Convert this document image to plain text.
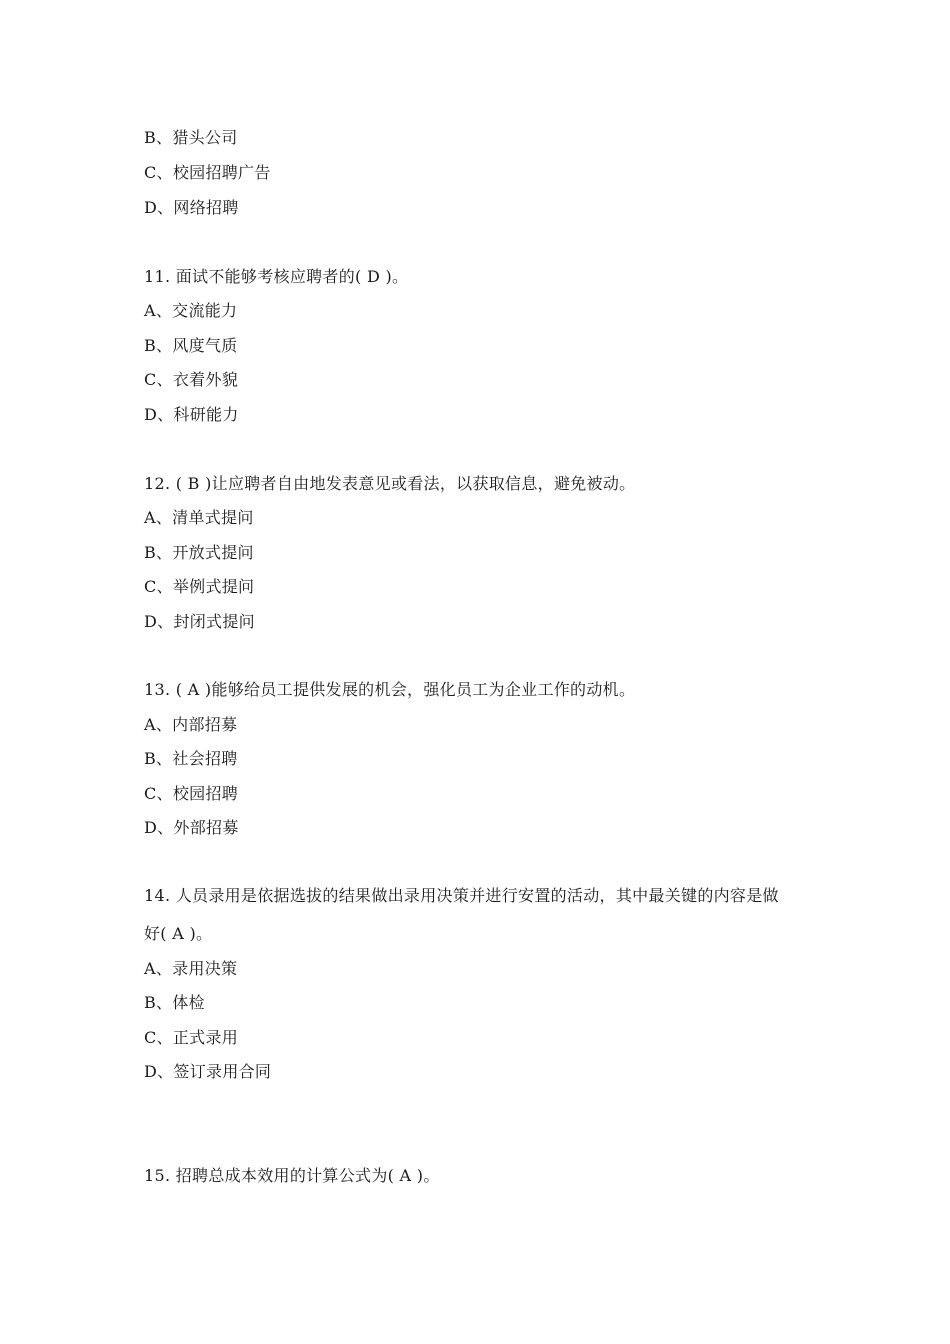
B、猎头公司
C、校园招聘广告
D、网络招聘
11. 面试不能够考核应聘者的( D )。
A、交流能力
B、风度气质
C、衣着外貌
D、科研能力
12. ( B )让应聘者自由地发表意见或看法，以获取信息，避免被动。
A、清单式提问
B、开放式提问
C、举例式提问
D、封闭式提问
13. ( A )能够给员工提供发展的机会，强化员工为企业工作的动机。
A、内部招募
B、社会招聘
C、校园招聘
D、外部招募
14. 人员录用是依据选拔的结果做出录用决策并进行安置的活动，其中最关键的内容是做
好( A )。
A、录用决策
B、体检
C、正式录用
D、签订录用合同
15. 招聘总成本效用的计算公式为( A )。
